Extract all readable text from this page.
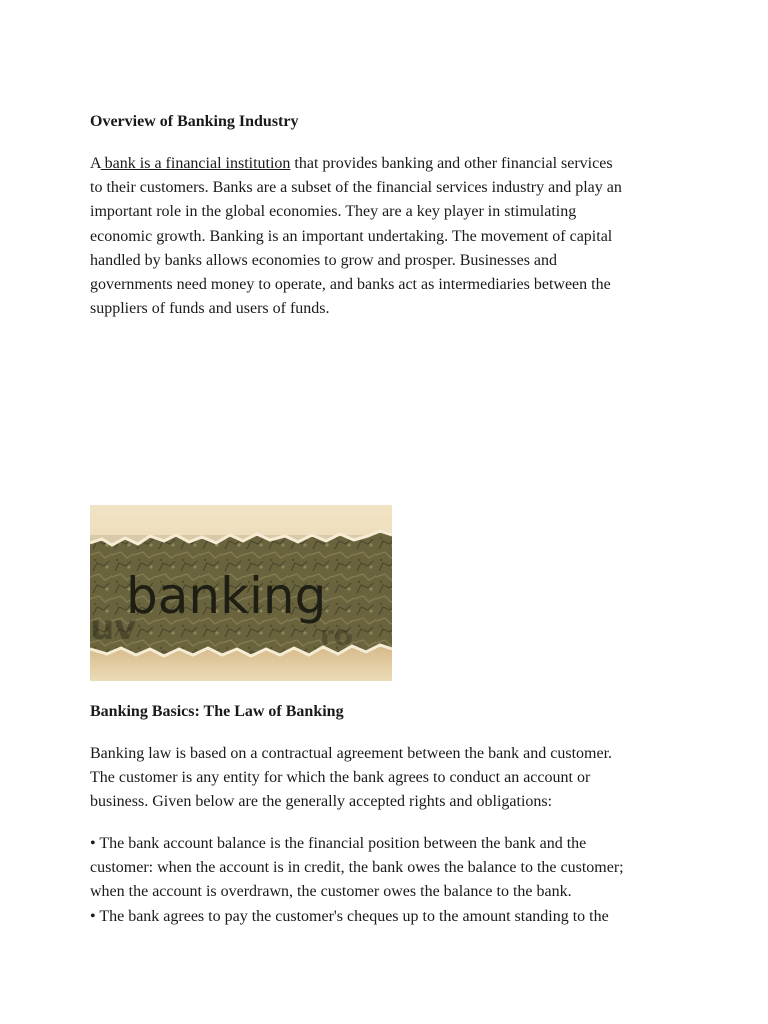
Overview of Banking Industry
A bank is a financial institution that provides banking and other financial services
to their customers. Banks are a subset of the financial services industry and play an
important role in the global economies. They are a key player in stimulating
economic growth. Banking is an important undertaking. The movement of capital
handled by banks allows economies to grow and prosper. Businesses and
governments need money to operate, and banks act as intermediaries between the
suppliers of funds and users of funds.
uv	ro
banking
Banking Basics: The Law of Banking
Banking law is based on a contractual agreement between the bank and customer.
The customer is any entity for which the bank agrees to conduct an account or
business. Given below are the generally accepted rights and obligations:
• The bank account balance is the financial position between the bank and the
customer: when the account is in credit, the bank owes the balance to the customer;
when the account is overdrawn, the customer owes the balance to the bank.
• The bank agrees to pay the customer's cheques up to the amount standing to the
